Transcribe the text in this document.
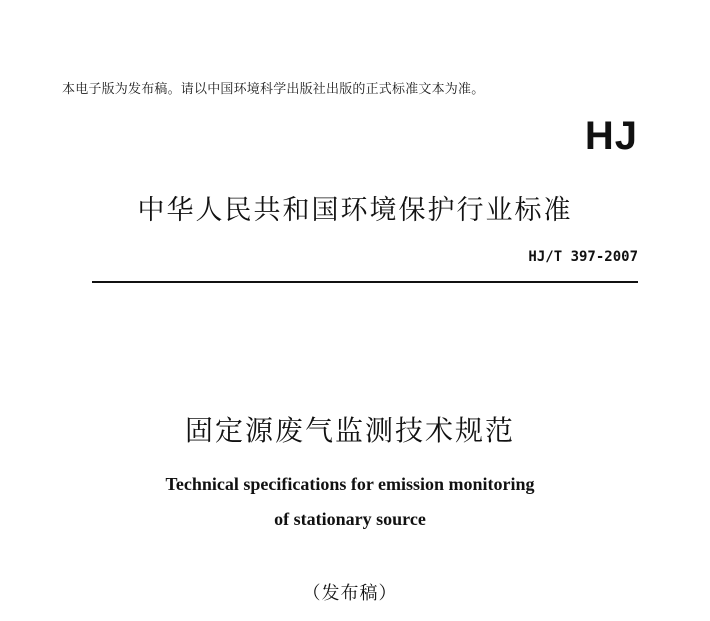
本电子版为发布稿。请以中国环境科学出版社出版的正式标准文本为准。
HJ
中华人民共和国环境保护行业标准
HJ/T 397-2007
固定源废气监测技术规范
Technical specifications for emission monitoring
of stationary source
（发布稿）
